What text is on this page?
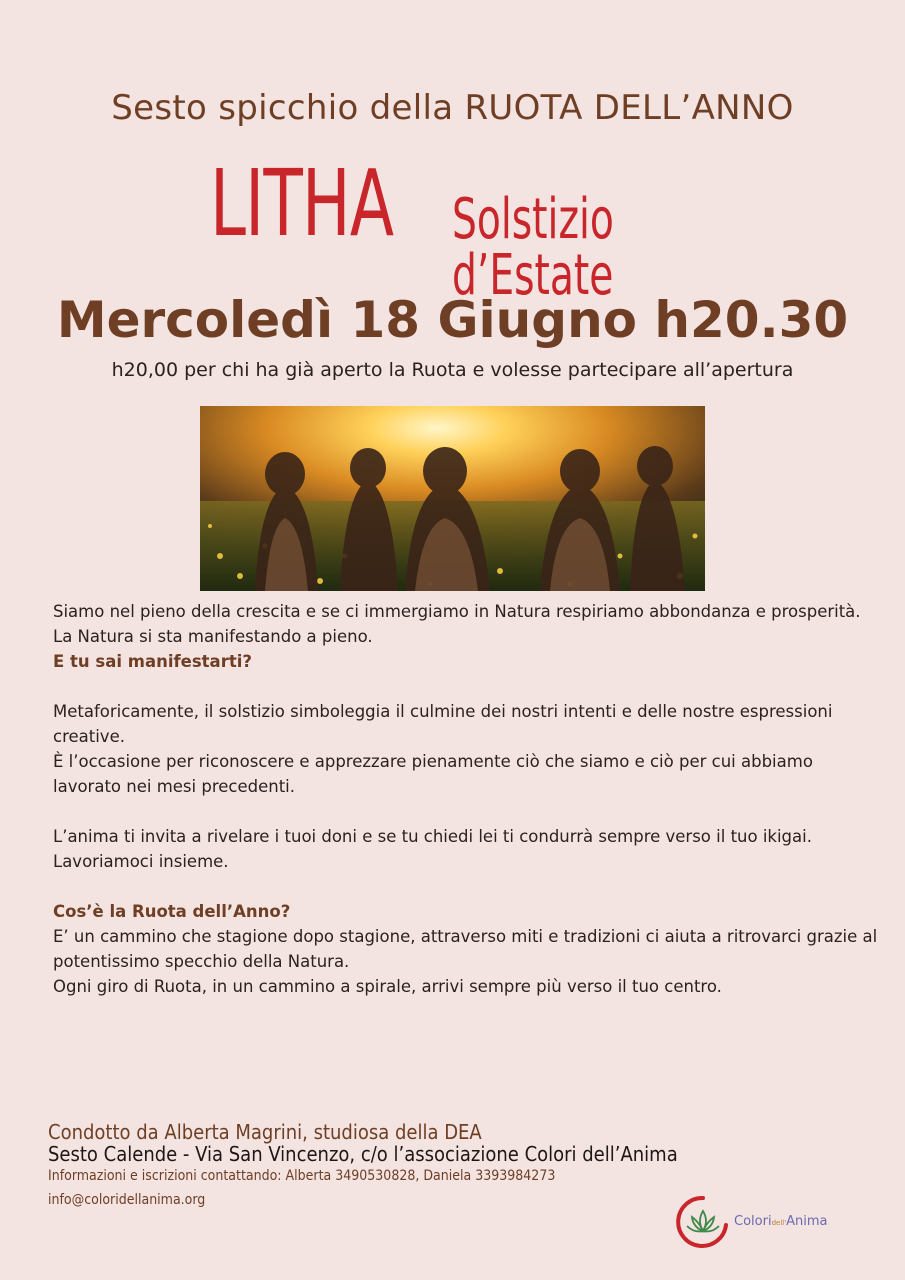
Sesto spicchio della RUOTA DELL’ANNO
LITHA Solstizio d’Estate
Mercoledì 18 Giugno h20.30
h20,00 per chi ha già aperto la Ruota e volesse partecipare all’apertura

Siamo nel pieno della crescita e se ci immergiamo in Natura respiriamo abbondanza e prosperità. La Natura si sta manifestando a pieno.

E tu sai manifestarti?

Metaforicamente, il solstizio simboleggia il culmine dei nostri intenti e delle nostre espressioni creative.

È l’occasione per riconoscere e apprezzare pienamente ciò che siamo e ciò per cui abbiamo lavorato nei mesi precedenti.

L’anima ti invita a rivelare i tuoi doni e se tu chiedi lei ti condurrà sempre verso il tuo ikigai.

Lavoriamoci insieme.

Cos’è la Ruota dell’Anno?

E’ un cammino che stagione dopo stagione, attraverso miti e tradizioni ci aiuta a ritrovarci grazie al potentissimo specchio della Natura.

Ogni giro di Ruota, in un cammino a spirale, arrivi sempre più verso il tuo centro.

Condotto da Alberta Magrini, studiosa della DEA
Sesto Calende - Via San Vincenzo, c/o l’associazione Colori dell’Anima
Informazioni e iscrizioni contattando: Alberta 3490530828, Daniela 3393984273
info@coloridellanima.org
Coloridell'Anima
